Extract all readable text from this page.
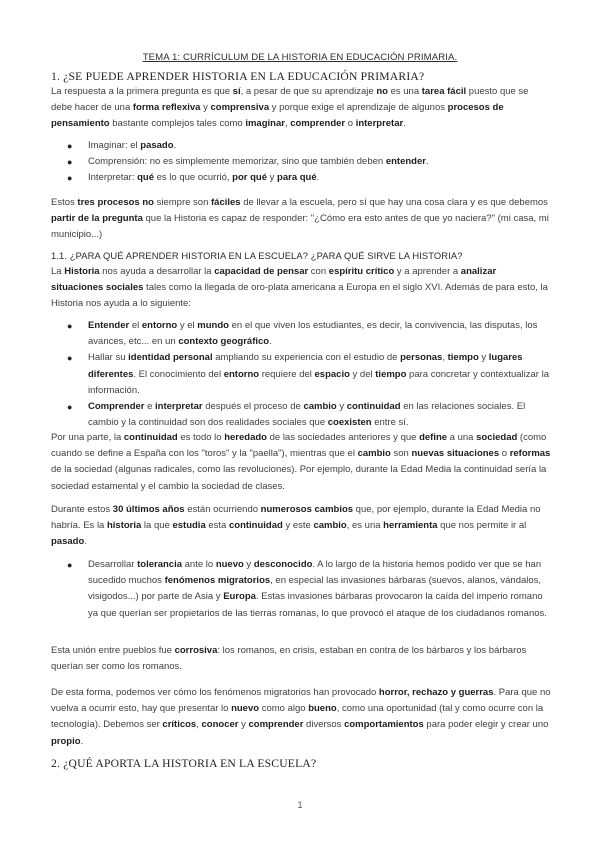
TEMA 1: CURRÍCULUM DE LA HISTORIA EN EDUCACIÓN PRIMARIA.
1. ¿SE PUEDE APRENDER HISTORIA EN LA EDUCACIÓN PRIMARIA?
La respuesta a la primera pregunta es que sí, a pesar de que su aprendizaje no es una tarea fácil puesto que se debe hacer de una forma reflexiva y comprensiva y porque exige el aprendizaje de algunos procesos de pensamiento bastante complejos tales como imaginar, comprender o interpretar.
● Imaginar: el pasado.
● Comprensión: no es simplemente memorizar, sino que también deben entender.
● Interpretar: qué es lo que ocurrió, por qué y para qué.
Estos tres procesos no siempre son fáciles de llevar a la escuela, pero sí que hay una cosa clara y es que debemos partir de la pregunta que la Historia es capaz de responder: "¿Cómo era esto antes de que yo naciera?" (mi casa, mi municipio...)
1.1. ¿PARA QUÉ APRENDER HISTORIA EN LA ESCUELA? ¿PARA QUÉ SIRVE LA HISTORIA?
La Historia nos ayuda a desarrollar la capacidad de pensar con espíritu crítico y a aprender a analizar situaciones sociales tales como la llegada de oro-plata americana a Europa en el siglo XVI. Además de para esto, la Historia nos ayuda a lo siguiente:
● Entender el entorno y el mundo en el que viven los estudiantes, es decir, la convivencia, las disputas, los avances, etc... en un contexto geográfico.
● Hallar su identidad personal ampliando su experiencia con el estudio de personas, tiempo y lugares diferentes. El conocimiento del entorno requiere del espacio y del tiempo para concretar y contextualizar la información.
● Comprender e interpretar después el proceso de cambio y continuidad en las relaciones sociales. El cambio y la continuidad son dos realidades sociales que coexisten entre sí.
Por una parte, la continuidad es todo lo heredado de las sociedades anteriores y que define a una sociedad (como cuando se define a España con los "toros" y la "paella"), mientras que el cambio son nuevas situaciones o reformas de la sociedad (algunas radicales, como las revoluciones). Por ejemplo, durante la Edad Media la continuidad sería la sociedad estamental y el cambio la sociedad de clases.
Durante estos 30 últimos años están ocurriendo numerosos cambios que, por ejemplo, durante la Edad Media no habría. Es la historia la que estudia esta continuidad y este cambio, es una herramienta que nos permite ir al pasado.
● Desarrollar tolerancia ante lo nuevo y desconocido. A lo largo de la historia hemos podido ver que se han sucedido muchos fenómenos migratorios, en especial las invasiones bárbaras (suevos, alanos, vándalos, visigodos...) por parte de Asia y Europa. Estas invasiones bárbaras provocaron la caída del imperio romano ya que querían ser propietarios de las tierras romanas, lo que provocó el ataque de los ciudadanos romanos.
Esta unión entre pueblos fue corrosiva: los romanos, en crisis, estaban en contra de los bárbaros y los bárbaros querían ser como los romanos.
De esta forma, podemos ver cómo los fenómenos migratorios han provocado horror, rechazo y guerras. Para que no vuelva a ocurrir esto, hay que presentar lo nuevo como algo bueno, como una oportunidad (tal y como ocurre con la tecnología). Debemos ser críticos, conocer y comprender diversos comportamientos para poder elegir y crear uno propio.
2. ¿QUÉ APORTA LA HISTORIA EN LA ESCUELA?
1
